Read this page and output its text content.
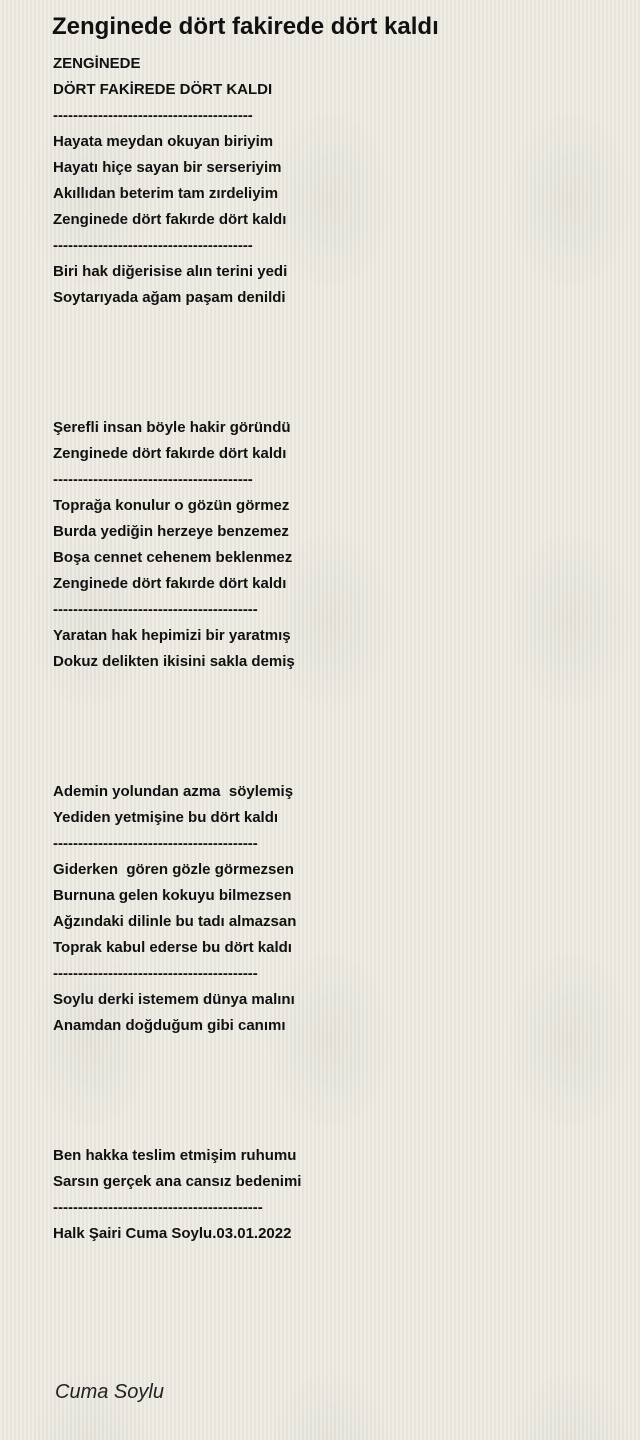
Zenginede dört fakirede dört kaldı
ZENGİNEDE
DÖRT FAKİREDE DÖRT KALDI
----------------------------------------
Hayata meydan okuyan biriyim
Hayatı hiçe sayan bir serseriyim
Akıllıdan beterim tam zırdeliyim
Zenginede dört fakırde dört kaldı
----------------------------------------
Biri hak diğerisise alın terini yedi
Soytarıyada ağam paşam denildi
Şerefli insan böyle hakir göründü
Zenginede dört fakırde dört kaldı
----------------------------------------
Toprağa konulur o gözün görmez
Burda yediğin herzeye benzemez
Boşa cennet cehenem beklenmez
Zenginede dört fakırde dört kaldı
-----------------------------------------
Yaratan hak hepimizi bir yaratmış
Dokuz delikten ikisini sakla demiş
Ademin yolundan azma  söylemiş
Yediden yetmişine bu dört kaldı
-----------------------------------------
Giderken  gören gözle görmezsen
Burnuna gelen kokuyu bilmezsen
Ağzındaki dilinle bu tadı almazsan
Toprak kabul ederse bu dört kaldı
-----------------------------------------
Soylu derki istemem dünya malını
Anamdan doğduğum gibi canımı
Ben hakka teslim etmişim ruhumu
Sarsın gerçek ana cansız bedenimi
------------------------------------------
Halk Şairi Cuma Soylu.03.01.2022
Cuma Soylu
